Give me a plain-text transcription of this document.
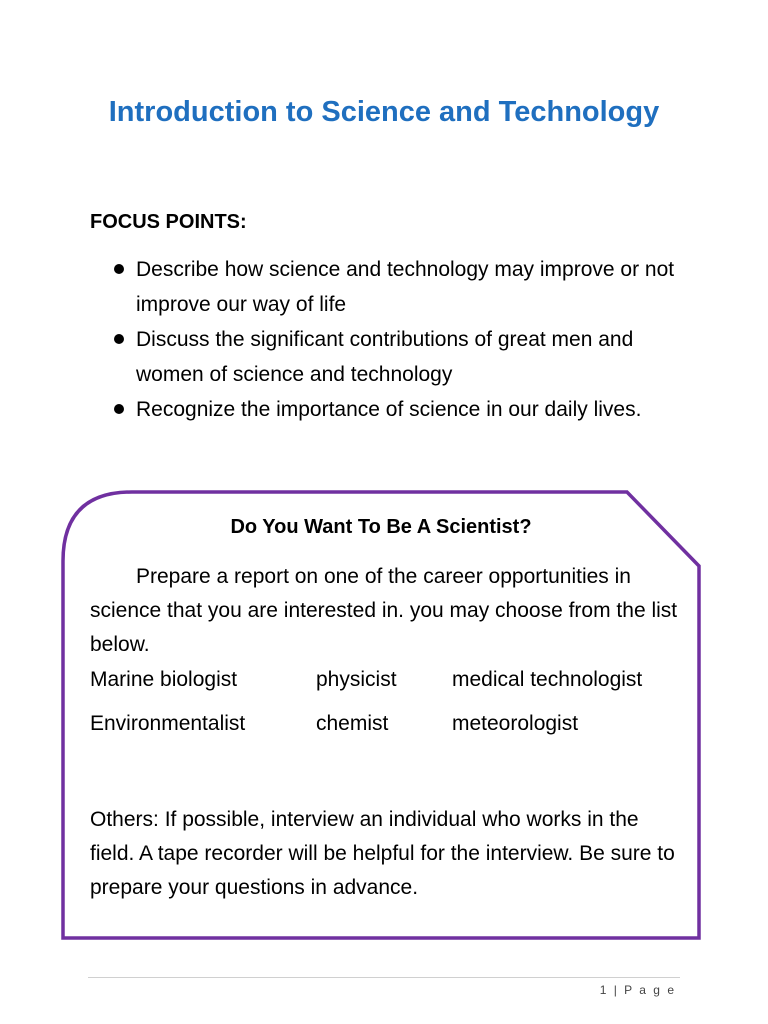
Introduction to Science and Technology

FOCUS POINTS:

Describe how science and technology may improve or not improve our way of life
Discuss the significant contributions of great men and women of science and technology
Recognize the importance of science in our daily lives.

Do You Want To Be A Scientist?

Prepare a report on one of the career opportunities in science that you are interested in. you may choose from the list below.

Marine biologist	physicist	medical technologist
Environmentalist	chemist	meteorologist

Others: If possible, interview an individual who works in the field. A tape recorder will be helpful for the interview. Be sure to prepare your questions in advance.

1 | P a g e
